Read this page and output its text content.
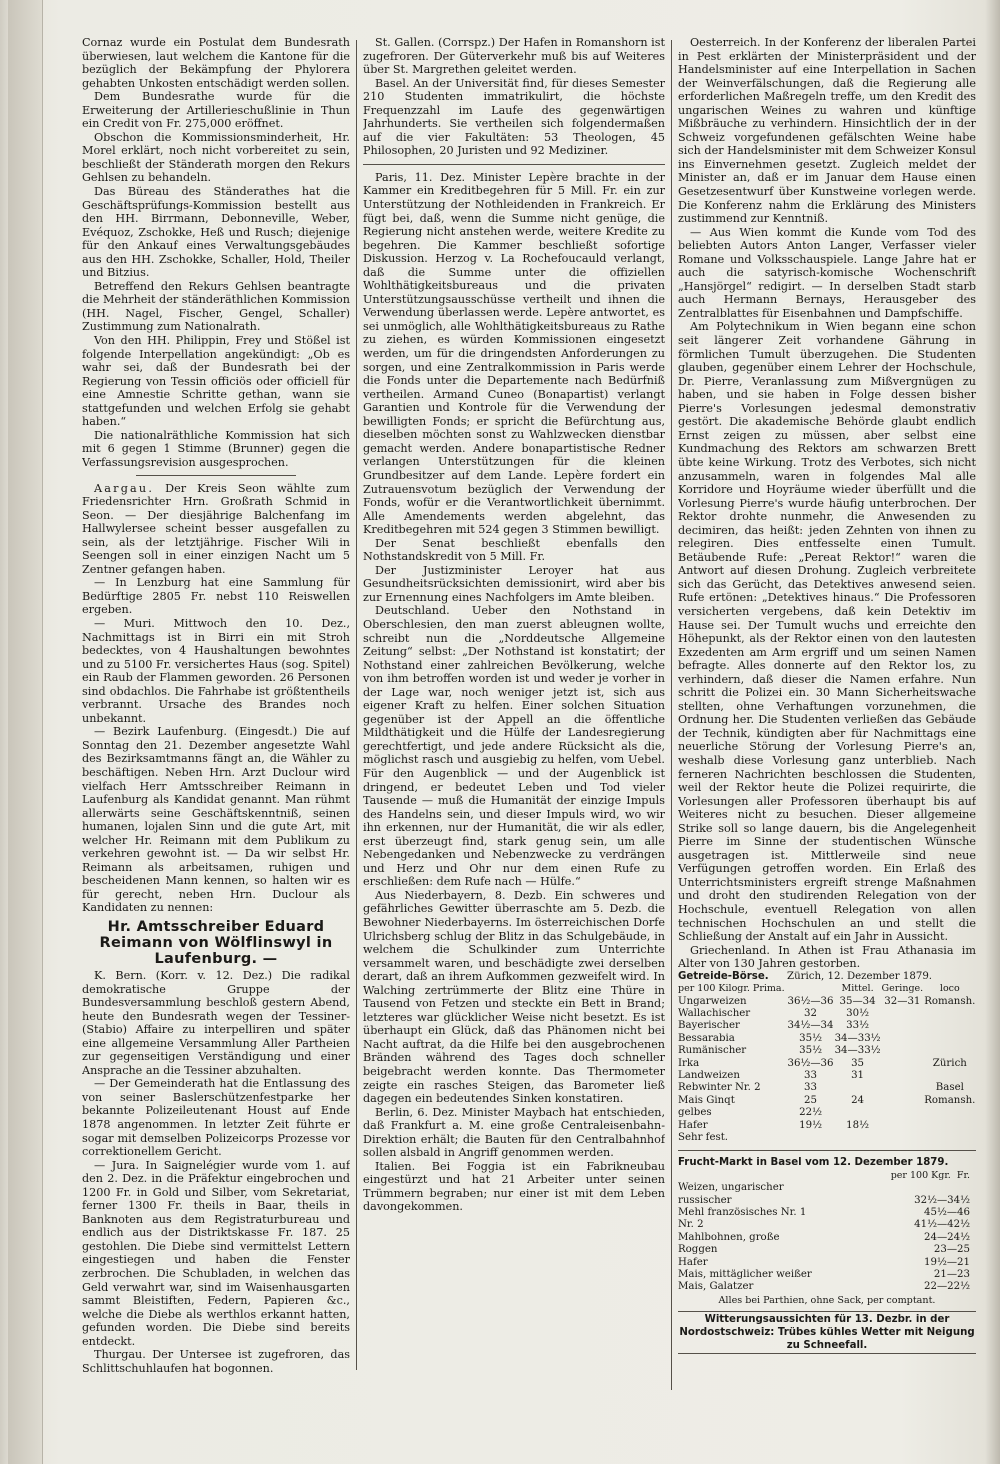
Cornaz wurde ein Postulat dem Bundesrath überwiesen, laut welchem die Kantone für die bezüglich der Bekämpfung der Phylorera gehabten Unkosten entschädigt werden sollen.

Dem Bundesrathe wurde für die Erweiterung der Artillerieschußlinie in Thun ein Credit von Fr. 275,000 eröffnet.

Obschon die Kommissionsminderheit, Hr. Morel erklärt, noch nicht vorbereitet zu sein, beschließt der Ständerath morgen den Rekurs Gehlsen zu behandeln.

Das Büreau des Ständerathes hat die Geschäftsprüfungs-Kommission bestellt aus den HH. Birrmann, Debonneville, Weber, Evéquoz, Zschokke, Heß und Rusch; diejenige für den Ankauf eines Verwaltungsgebäudes aus den HH. Zschokke, Schaller, Hold, Theiler und Bitzius.

Betreffend den Rekurs Gehlsen beantragte die Mehrheit der ständeräthlichen Kommission (HH. Nagel, Fischer, Gengel, Schaller) Zustimmung zum Nationalrath.

Von den HH. Philippin, Frey und Stößel ist folgende Interpellation angekündigt: „Ob es wahr sei, daß der Bundesrath bei der Regierung von Tessin officiös oder officiell für eine Amnestie Schritte gethan, wann sie stattgefunden und welchen Erfolg sie gehabt haben.“

Die nationalräthliche Kommission hat sich mit 6 gegen 1 Stimme (Brunner) gegen die Verfassungsrevision ausgesprochen.

Aargau. Der Kreis Seon wählte zum Friedensrichter Hrn. Großrath Schmid in Seon. — Der diesjährige Balchenfang im Hallwylersee scheint besser ausgefallen zu sein, als der letztjährige. Fischer Wili in Seengen soll in einer einzigen Nacht um 5 Zentner gefangen haben.

— In Lenzburg hat eine Sammlung für Bedürftige 2805 Fr. nebst 110 Reiswellen ergeben.

— Muri. Mittwoch den 10. Dez., Nachmittags ist in Birri ein mit Stroh bedecktes, von 4 Haushaltungen bewohntes und zu 5100 Fr. versichertes Haus (sog. Spitel) ein Raub der Flammen geworden. 26 Personen sind obdachlos. Die Fahrhabe ist größtentheils verbrannt. Ursache des Brandes noch unbekannt.

— Bezirk Laufenburg. (Eingesdt.) Die auf Sonntag den 21. Dezember angesetzte Wahl des Bezirksamtmanns fängt an, die Wähler zu beschäftigen. Neben Hrn. Arzt Duclour wird vielfach Herr Amtsschreiber Reimann in Laufenburg als Kandidat genannt. Man rühmt allerwärts seine Geschäftskenntniß, seinen humanen, lojalen Sinn und die gute Art, mit welcher Hr. Reimann mit dem Publikum zu verkehren gewohnt ist. — Da wir selbst Hr. Reimann als arbeitsamen, ruhigen und bescheidenen Mann kennen, so halten wir es für gerecht, neben Hrn. Duclour als Kandidaten zu nennen:

Hr. Amtsschreiber Eduard Reimann von Wölflinswyl in Laufenburg. —

K. Bern. (Korr. v. 12. Dez.) Die radikal demokratische Gruppe der Bundesversammlung beschloß gestern Abend, heute den Bundesrath wegen der Tessiner- (Stabio) Affaire zu interpelliren und später eine allgemeine Versammlung Aller Partheien zur gegenseitigen Verständigung und einer Ansprache an die Tessiner abzuhalten.

— Der Gemeinderath hat die Entlassung des von seiner Baslerschützenfestparke her bekannte Polizeileutenant Houst auf Ende 1878 angenommen. In letzter Zeit führte er sogar mit demselben Polizeicorps Prozesse vor correktionellem Gericht.

— Jura. In Saignelégier wurde vom 1. auf den 2. Dez. in die Präfektur eingebrochen und 1200 Fr. in Gold und Silber, vom Sekretariat, ferner 1300 Fr. theils in Baar, theils in Banknoten aus dem Registraturbureau und endlich aus der Distriktskasse Fr. 187. 25 gestohlen. Die Diebe sind vermittelst Lettern eingestiegen und haben die Fenster zerbrochen. Die Schubladen, in welchen das Geld verwahrt war, sind im Waisenhausgarten sammt Bleistiften, Federn, Papieren &c., welche die Diebe als werthlos erkannt hatten, gefunden worden. Die Diebe sind bereits entdeckt.

Thurgau. Der Untersee ist zugefroren, das Schlittschuhlaufen hat bogonnen.

St. Gallen. (Corrspz.) Der Hafen in Romanshorn ist zugefroren. Der Güterverkehr muß bis auf Weiteres über St. Margrethen geleitet werden.

Basel. An der Universität find, für dieses Semester 210 Studenten immatrikulirt, die höchste Frequenzzahl im Laufe des gegenwärtigen Jahrhunderts. Sie vertheilen sich folgendermaßen auf die vier Fakultäten: 53 Theologen, 45 Philosophen, 20 Juristen und 92 Mediziner.

Paris, 11. Dez. Minister Lepère brachte in der Kammer ein Kreditbegehren für 5 Mill. Fr. ein zur Unterstützung der Nothleidenden in Frankreich. Er fügt bei, daß, wenn die Summe nicht genüge, die Regierung nicht anstehen werde, weitere Kredite zu begehren. Die Kammer beschließt sofortige Diskussion. Herzog v. La Rochefoucauld verlangt, daß die Summe unter die offiziellen Wohlthätigkeitsbureaus und die privaten Unterstützungsausschüsse vertheilt und ihnen die Verwendung überlassen werde. Lepère antwortet, es sei unmöglich, alle Wohlthätigkeitsbureaus zu Rathe zu ziehen, es würden Kommissionen eingesetzt werden, um für die dringendsten Anforderungen zu sorgen, und eine Zentralkommission in Paris werde die Fonds unter die Departemente nach Bedürfniß vertheilen. Armand Cuneo (Bonapartist) verlangt Garantien und Kontrole für die Verwendung der bewilligten Fonds; er spricht die Befürchtung aus, dieselben möchten sonst zu Wahlzwecken dienstbar gemacht werden. Andere bonapartistische Redner verlangen Unterstützungen für die kleinen Grundbesitzer auf dem Lande. Lepère fordert ein Zutrauensvotum bezüglich der Verwendung der Fonds, wofür er die Verantwortlichkeit übernimmt. Alle Amendements werden abgelehnt, das Kreditbegehren mit 524 gegen 3 Stimmen bewilligt.

Der Senat beschließt ebenfalls den Nothstandskredit von 5 Mill. Fr.

Der Justizminister Leroyer hat aus Gesundheitsrücksichten demissionirt, wird aber bis zur Ernennung eines Nachfolgers im Amte bleiben.

Deutschland. Ueber den Nothstand in Oberschlesien, den man zuerst ableugnen wollte, schreibt nun die „Norddeutsche Allgemeine Zeitung“ selbst: „Der Nothstand ist konstatirt; der Nothstand einer zahlreichen Bevölkerung, welche von ihm betroffen worden ist und weder je vorher in der Lage war, noch weniger jetzt ist, sich aus eigener Kraft zu helfen. Einer solchen Situation gegenüber ist der Appell an die öffentliche Mildthätigkeit und die Hülfe der Landesregierung gerechtfertigt, und jede andere Rücksicht als die, möglichst rasch und ausgiebig zu helfen, vom Uebel. Für den Augenblick — und der Augenblick ist dringend, er bedeutet Leben und Tod vieler Tausende — muß die Humanität der einzige Impuls des Handelns sein, und dieser Impuls wird, wo wir ihn erkennen, nur der Humanität, die wir als edler, erst überzeugt find, stark genug sein, um alle Nebengedanken und Nebenzwecke zu verdrängen und Herz und Ohr nur dem einen Rufe zu erschließen: dem Rufe nach — Hülfe.“

Aus Niederbayern, 8. Dezb. Ein schweres und gefährliches Gewitter überraschte am 5. Dezb. die Bewohner Niederbayerns. Im österreichischen Dorfe Ulrichsberg schlug der Blitz in das Schulgebäude, in welchem die Schulkinder zum Unterrichte versammelt waren, und beschädigte zwei derselben derart, daß an ihrem Aufkommen gezweifelt wird. In Walching zertrümmerte der Blitz eine Thüre in Tausend von Fetzen und steckte ein Bett in Brand; letzteres war glücklicher Weise nicht besetzt. Es ist überhaupt ein Glück, daß das Phänomen nicht bei Nacht auftrat, da die Hilfe bei den ausgebrochenen Bränden während des Tages doch schneller beigebracht werden konnte. Das Thermometer zeigte ein rasches Steigen, das Barometer ließ dagegen ein bedeutendes Sinken konstatiren.

Berlin, 6. Dez. Minister Maybach hat entschieden, daß Frankfurt a. M. eine große Centraleisenbahn-Direktion erhält; die Bauten für den Centralbahnhof sollen alsbald in Angriff genommen werden.

Italien. Bei Foggia ist ein Fabrikneubau eingestürzt und hat 21 Arbeiter unter seinen Trümmern begraben; nur einer ist mit dem Leben davongekommen.

Oesterreich. In der Konferenz der liberalen Partei in Pest erklärten der Ministerpräsident und der Handelsminister auf eine Interpellation in Sachen der Weinverfälschungen, daß die Regierung alle erforderlichen Maßregeln treffe, um den Kredit des ungarischen Weines zu wahren und künftige Mißbräuche zu verhindern. Hinsichtlich der in der Schweiz vorgefundenen gefälschten Weine habe sich der Handelsminister mit dem Schweizer Konsul ins Einvernehmen gesetzt. Zugleich meldet der Minister an, daß er im Januar dem Hause einen Gesetzesentwurf über Kunstweine vorlegen werde. Die Konferenz nahm die Erklärung des Ministers zustimmend zur Kenntniß.

— Aus Wien kommt die Kunde vom Tod des beliebten Autors Anton Langer, Verfasser vieler Romane und Volksschauspiele. Lange Jahre hat er auch die satyrisch-komische Wochenschrift „Hansjörgel“ redigirt. — In derselben Stadt starb auch Hermann Bernays, Herausgeber des Zentralblattes für Eisenbahnen und Dampfschiffe.

Am Polytechnikum in Wien begann eine schon seit längerer Zeit vorhandene Gährung in förmlichen Tumult überzugehen. Die Studenten glauben, gegenüber einem Lehrer der Hochschule, Dr. Pierre, Veranlassung zum Mißvergnügen zu haben, und sie haben in Folge dessen bisher Pierre's Vorlesungen jedesmal demonstrativ gestört. Die akademische Behörde glaubt endlich Ernst zeigen zu müssen, aber selbst eine Kundmachung des Rektors am schwarzen Brett übte keine Wirkung. Trotz des Verbotes, sich nicht anzusammeln, waren in folgendes Mal alle Korridore und Hoyräume wieder überfüllt und die Vorlesung Pierre's wurde häufig unterbrochen. Der Rektor drohte nunmehr, die Anwesenden zu decimiren, das heißt: jeden Zehnten von ihnen zu relegiren. Dies entfesselte einen Tumult. Betäubende Rufe: „Pereat Rektor!“ waren die Antwort auf diesen Drohung. Zugleich verbreitete sich das Gerücht, das Detektives anwesend seien. Rufe ertönen: „Detektives hinaus.“ Die Professoren versicherten vergebens, daß kein Detektiv im Hause sei. Der Tumult wuchs und erreichte den Höhepunkt, als der Rektor einen von den lautesten Exzedenten am Arm ergriff und um seinen Namen befragte. Alles donnerte auf den Rektor los, zu verhindern, daß dieser die Namen erfahre. Nun schritt die Polizei ein. 30 Mann Sicherheitswache stellten, ohne Verhaftungen vorzunehmen, die Ordnung her. Die Studenten verließen das Gebäude der Technik, kündigten aber für Nachmittags eine neuerliche Störung der Vorlesung Pierre's an, weshalb diese Vorlesung ganz unterblieb. Nach ferneren Nachrichten beschlossen die Studenten, weil der Rektor heute die Polizei requirirte, die Vorlesungen aller Professoren überhaupt bis auf Weiteres nicht zu besuchen. Dieser allgemeine Strike soll so lange dauern, bis die Angelegenheit Pierre im Sinne der studentischen Wünsche ausgetragen ist. Mittlerweile sind neue Verfügungen getroffen worden. Ein Erlaß des Unterrichtsministers ergreift strenge Maßnahmen und droht den studirenden Relegation von der Hochschule, eventuell Relegation von allen technischen Hochschulen an und stellt die Schließung der Anstalt auf ein Jahr in Aussicht.

Griechenland. In Athen ist Frau Athanasia im Alter von 130 Jahren gestorben.

Getreide-Börse.	Zürich, 12. Dezember 1879.			
per 100 Kilogr. Prima.		Mittel.	Geringe.	loco
Ungarweizen	36½—36	35—34	32—31	Romansh.
Wallachischer	32	30½		
Bayerischer	34½—34	33½		
Bessarabia	35½	34—33½		
Rumänischer	35½	34—33½		
Irka	36½—36	35		Zürich
Landweizen	33	31		
Rebwinter Nr. 2	33			Basel
Mais Ginqt	25	24		Romansh.
gelbes	22½			
Hafer	19½	18½		
Sehr fest.				
Frucht-Markt in Basel vom 12. Dezember 1879.	
	per 100 Kgr. Fr.
Weizen, ungarischer	
russischer	32½—34½
Mehl französisches Nr. 1	45½—46
Nr. 2	41½—42½
Mahlbohnen, große	24—24½
Roggen	23—25
Hafer	19½—21
Mais, mittäglicher weißer	21—23
Mais, Galatzer	22—22½
Alles bei Parthien, ohne Sack, per comptant.
Witterungsaussichten für 13. Dezbr. in der Nordostschweiz: Trübes kühles Wetter mit Neigung zu Schneefall.
